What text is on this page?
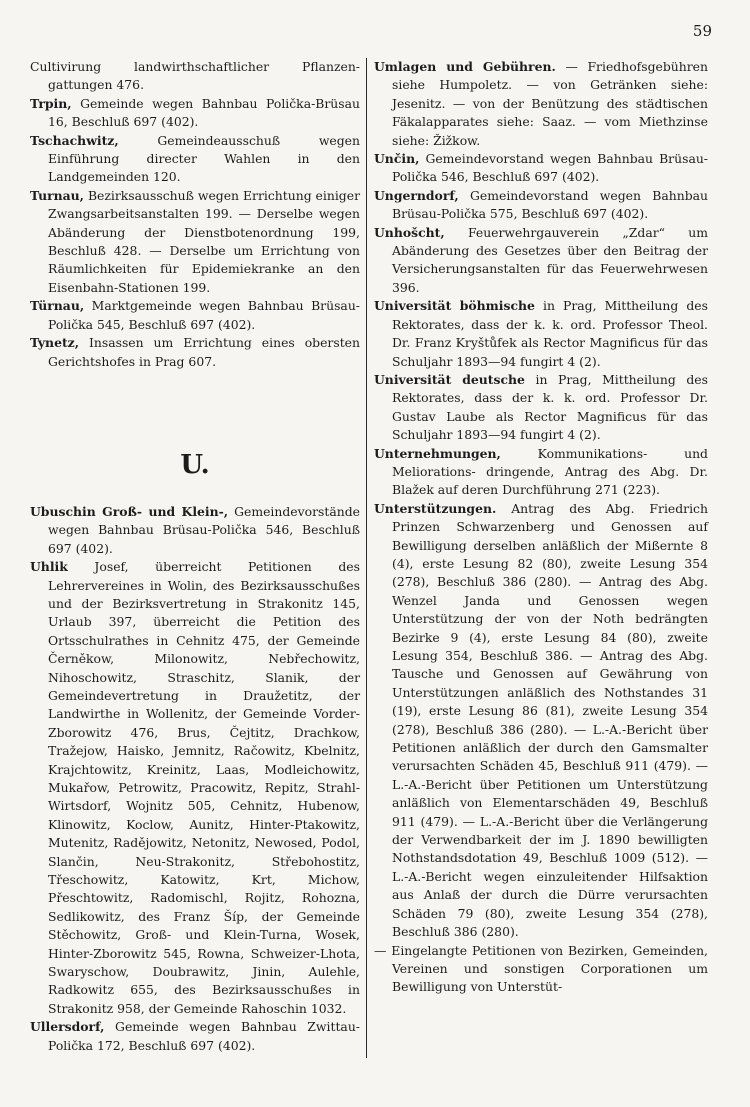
59

Cultivirung landwirthschaftlicher Pflanzen-gattungen 476.

Trpin, Gemeinde wegen Bahnbau Polička-Brüsau 16, Beschluß 697 (402).

Tschachwitz,	Gemeindeausschuß wegen Einführung directer Wahlen in den Landgemeinden 120.

Turnau, Bezirksausschuß wegen Errichtung einiger Zwangsarbeitsanstalten 199. — Derselbe wegen Abänderung der Dienstbotenordnung 199, Beschluß 428. — Derselbe um Errichtung von Räumlichkeiten für Epidemiekranke an den Eisenbahn-Stationen 199.

Türnau, Marktgemeinde wegen Bahnbau Brüsau-Polička 545, Beschluß 697 (402).

Tynetz, Insassen um Errichtung eines obersten Gerichtshofes in Prag 607.

U.

Ubuschin Groß- und Klein-, Gemeindevorstände wegen Bahnbau Brüsau-Polička 546, Beschluß 697 (402).

Uhlik Josef, überreicht Petitionen des Lehrervereines in Wolin, des Bezirksausschußes und der Bezirksvertretung in Strakonitz 145, Urlaub 397, überreicht die Petition des Ortsschulrathes in Cehnitz 475, der Gemeinde Černěkow, Milonowitz, Nebřechowitz, Nihoschowitz, Straschitz, Slanik, der Gemeindevertretung in Draužetitz, der Landwirthe in Wollenitz, der Gemeinde Vorder-Zborowitz 476, Brus, Čejtitz, Drachkow, Tražejow, Haisko, Jemnitz, Račowitz, Kbelnitz, Krajchtowitz, Kreinitz, Laas, Modleichowitz, Mukařow, Petrowitz, Pracowitz, Repitz, Strahl-Wirtsdorf, Wojnitz 505, Cehnitz, Hubenow, Klinowitz, Koclow, Aunitz, Hinter-Ptakowitz, Mutenitz, Radějowitz, Netonitz, Newosed, Podol, Slančin, Neu-Strakonitz, Střebohostitz, Třeschowitz, Katowitz, Krt, Michow, Přeschtowitz, Radomischl, Rojitz, Rohozna, Sedlikowitz, des Franz Šíp, der Gemeinde Stěchowitz, Groß- und Klein-Turna, Wosek, Hinter-Zborowitz 545, Rowna, Schweizer-Lhota, Swaryschow, Doubrawitz, Jinin, Aulehle, Radkowitz 655, des Bezirksausschußes in Strakonitz 958, der Gemeinde Rahoschin 1032.

Ullersdorf, Gemeinde wegen Bahnbau Zwittau-Polička 172, Beschluß 697 (402).

Umlagen und Gebühren. — Friedhofsgebühren siehe Humpoletz. — von Getränken siehe: Jesenitz. — von der Benützung des städtischen Fäkalapparates siehe: Saaz. — vom Miethzinse siehe: Žižkow.

Unčin, Gemeindevorstand wegen Bahnbau Brüsau-Polička 546, Beschluß 697 (402).

Ungerndorf, Gemeindevorstand wegen Bahnbau Brüsau-Polička 575, Beschluß 697 (402).

Unhošcht, Feuerwehrgauverein „Zdar“ um Abänderung des Gesetzes über den Beitrag der Versicherungsanstalten für das Feuerwehrwesen 396.

Universität böhmische in Prag, Mittheilung des Rektorates, dass der k. k. ord. Professor Theol. Dr. Franz Kryštůfek als Rector Magnificus für das Schuljahr 1893—94 fungirt 4 (2).

Universität deutsche in Prag, Mittheilung des Rektorates, dass der k. k. ord. Professor Dr. Gustav Laube als Rector Magnificus für das Schuljahr 1893—94 fungirt 4 (2).

Unternehmungen,	Kommunikations- und Meliorations- dringende, Antrag des Abg. Dr. Blažek auf deren Durchführung 271 (223).

Unterstützungen. Antrag des Abg. Friedrich Prinzen Schwarzenberg und Genossen auf Bewilligung derselben anläßlich der Mißernte 8 (4), erste Lesung 82 (80), zweite Lesung 354 (278), Beschluß 386 (280). — Antrag des Abg. Wenzel Janda und Genossen wegen Unterstützung der von der Noth bedrängten Bezirke 9 (4), erste Lesung 84 (80), zweite Lesung 354, Beschluß 386. — Antrag des Abg. Tausche und Genossen auf Gewährung von Unterstützungen anläßlich des Nothstandes 31 (19), erste Lesung 86 (81), zweite Lesung 354 (278), Beschluß 386 (280). — L.-A.-Bericht über Petitionen anläßlich der durch den Gamsmalter verursachten Schäden 45, Beschluß 911 (479). — L.-A.-Bericht über Petitionen um Unterstützung anläßlich von Elementarschäden 49, Beschluß 911 (479). — L.-A.-Bericht über die Verlängerung der Verwendbarkeit der im J. 1890 bewilligten Nothstandsdotation 49, Beschluß 1009 (512). — L.-A.-Bericht wegen einzuleitender Hilfsaktion aus Anlaß der durch die Dürre verursachten Schäden 79 (80), zweite Lesung 354 (278), Beschluß 386 (280).

— Eingelangte Petitionen von Bezirken, Gemeinden, Vereinen und sonstigen Corporationen um Bewilligung von Unterstüt-
